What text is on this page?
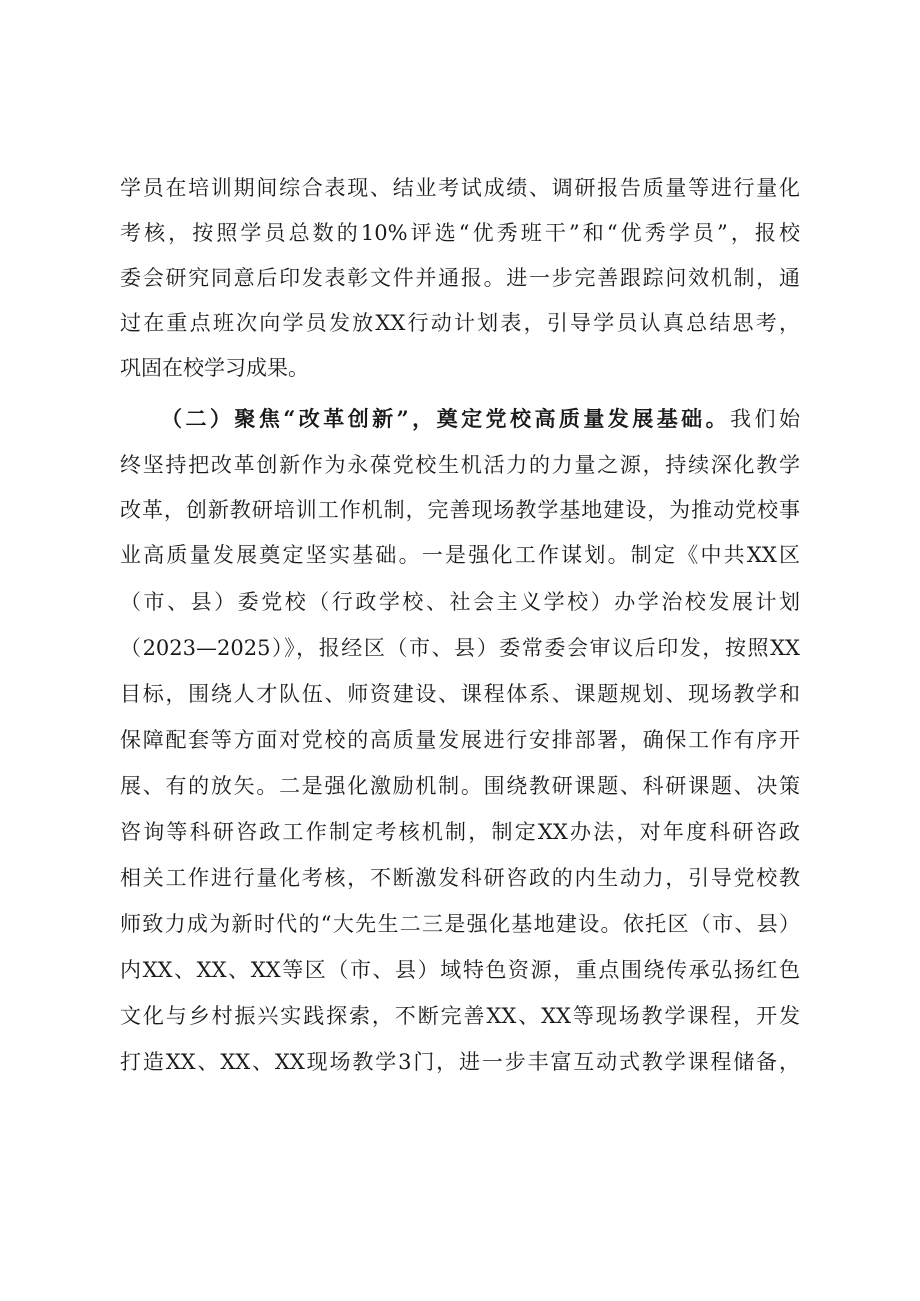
学员在培训期间综合表现、结业考试成绩、调研报告质量等进行量化
考核，按照学员总数的10%评选“优秀班干”和“优秀学员”，报校
委会研究同意后印发表彰文件并通报。进一步完善跟踪问效机制，通
过在重点班次向学员发放XX行动计划表，引导学员认真总结思考，
巩固在校学习成果。
（二）聚焦“改革创新”，奠定党校高质量发展基础。我们始
终坚持把改革创新作为永葆党校生机活力的力量之源，持续深化教学
改革，创新教研培训工作机制，完善现场教学基地建设，为推动党校事
业高质量发展奠定坚实基础。一是强化工作谋划。制定《中共XX区
（市、县）委党校（行政学校、社会主义学校）办学治校发展计划
（2023—2025）》，报经区（市、县）委常委会审议后印发，按照XX
目标，围绕人才队伍、师资建设、课程体系、课题规划、现场教学和
保障配套等方面对党校的高质量发展进行安排部署，确保工作有序开
展、有的放矢。二是强化激励机制。围绕教研课题、科研课题、决策
咨询等科研咨政工作制定考核机制，制定XX办法，对年度科研咨政
相关工作进行量化考核，不断激发科研咨政的内生动力，引导党校教
师致力成为新时代的“大先生二三是强化基地建设。依托区（市、县）
内XX、XX、XX等区（市、县）域特色资源，重点围绕传承弘扬红色
文化与乡村振兴实践探索，不断完善XX、XX等现场教学课程，开发
打造XX、XX、XX现场教学3门，进一步丰富互动式教学课程储备，
